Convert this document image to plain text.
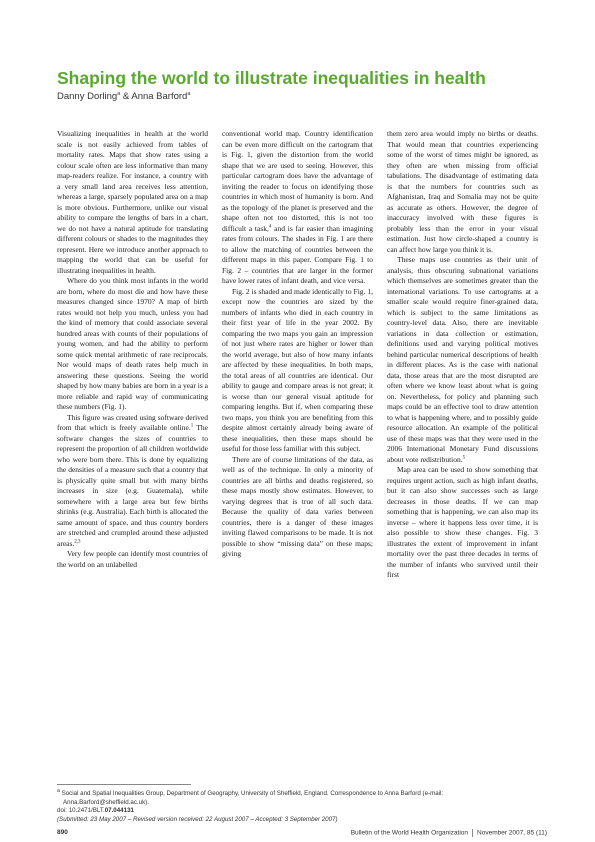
Shaping the world to illustrate inequalities in health
Danny Dorling$^a$ & Anna Barford$^a$

Visualizing inequalities in health at the world scale is not easily achieved from tables of mortality rates. Maps that show rates using a colour scale often are less informative than many map-readers realize. For instance, a country with a very small land area receives less attention, whereas a large, sparsely populated area on a map is more obvious. Furthermore, unlike our visual ability to compare the lengths of bars in a chart, we do not have a natural aptitude for translating different colours or shades to the magnitudes they represent. Here we introduce another approach to mapping the world that can be useful for illustrating inequalities in health.

Where do you think most infants in the world are born, where do most die and how have these measures changed since 1970? A map of birth rates would not help you much, unless you had the kind of memory that could associate several hundred areas with counts of their populations of young women, and had the ability to perform some quick mental arithmetic of rate reciprocals. Nor would maps of death rates help much in answering these questions. Seeing the world shaped by how many babies are born in a year is a more reliable and rapid way of communicating these numbers (Fig. 1).

This figure was created using software derived from that which is freely available online.$^1$ The software changes the sizes of countries to represent the proportion of all children worldwide who were born there. This is done by equalizing the densities of a measure such that a country that is physically quite small but with many births increases in size (e.g. Guatemala), while somewhere with a large area but few births shrinks (e.g. Australia). Each birth is allocated the same amount of space, and thus country borders are stretched and crumpled around these adjusted areas.$^{2,3}$

Very few people can identify most countries of the world on an unlabelled

conventional world map. Country identification can be even more difficult on the cartogram that is Fig. 1, given the distortion from the world shape that we are used to seeing. However, this particular cartogram does have the advantage of inviting the reader to focus on identifying those countries in which most of humanity is born. And as the topology of the planet is preserved and the shape often not too distorted, this is not too difficult a task,$^4$ and is far easier than imagining rates from colours. The shades in Fig. 1 are there to allow the matching of countries between the different maps in this paper. Compare Fig. 1 to Fig. 2 – countries that are larger in the former have lower rates of infant death, and vice versa.

Fig. 2 is shaded and made identically to Fig. 1, except now the countries are sized by the numbers of infants who died in each country in their first year of life in the year 2002. By comparing the two maps you gain an impression of not just where rates are higher or lower than the world average, but also of how many infants are affected by these inequalities. In both maps, the total areas of all countries are identical. Our ability to gauge and compare areas is not great; it is worse than our general visual aptitude for comparing lengths. But if, when comparing these two maps, you think you are benefiting from this despite almost certainly already being aware of these inequalities, then these maps should be useful for those less familiar with this subject.

There are of course limitations of the data, as well as of the technique. In only a minority of countries are all births and deaths registered, so these maps mostly show estimates. However, to varying degrees that is true of all such data. Because the quality of data varies between countries, there is a danger of these images inviting flawed comparisons to be made. It is not possible to show “missing data” on these maps; giving

them zero area would imply no births or deaths. That would mean that countries experiencing some of the worst of times might be ignored, as they often are when missing from official tabulations. The disadvantage of estimating data is that the numbers for countries such as Afghanistan, Iraq and Somalia may not be quite as accurate as others. However, the degree of inaccuracy involved with these figures is probably less than the error in your visual estimation. Just how circle-shaped a country is can affect how large you think it is.

These maps use countries as their unit of analysis, thus obscuring subnational variations which themselves are sometimes greater than the international variations. To use cartograms at a smaller scale would require finer-grained data, which is subject to the same limitations as country-level data. Also, there are inevitable variations in data collection or estimation, definitions used and varying political motives behind particular numerical descriptions of health in different places. As is the case with national data, those areas that are the most disrupted are often where we know least about what is going on. Nevertheless, for policy and planning such maps could be an effective tool to draw attention to what is happening where, and to possibly guide resource allocation. An example of the political use of these maps was that they were used in the 2006 International Monetary Fund discussions about vote redistribution.$^5$

Map area can be used to show something that requires urgent action, such as high infant deaths, but it can also show successes such as large decreases in those deaths. If we can map something that is happening, we can also map its inverse – where it happens less over time, it is also possible to show these changes. Fig. 3 illustrates the extent of improvement in infant mortality over the past three decades in terms of the number of infants who survived until their first

$^a$ Social and Spatial Inequalities Group, Department of Geography, University of Sheffield, England. Correspondence to Anna Barford (e-mail:
Anna.Barford@sheffield.ac.uk).
doi: 10.2471/BLT.07.044131
(Submitted: 23 May 2007 – Revised version received: 22 August 2007 – Accepted: 3 September 2007)
890	Bulletin of the World Health Organization November 2007, 85 (11)
